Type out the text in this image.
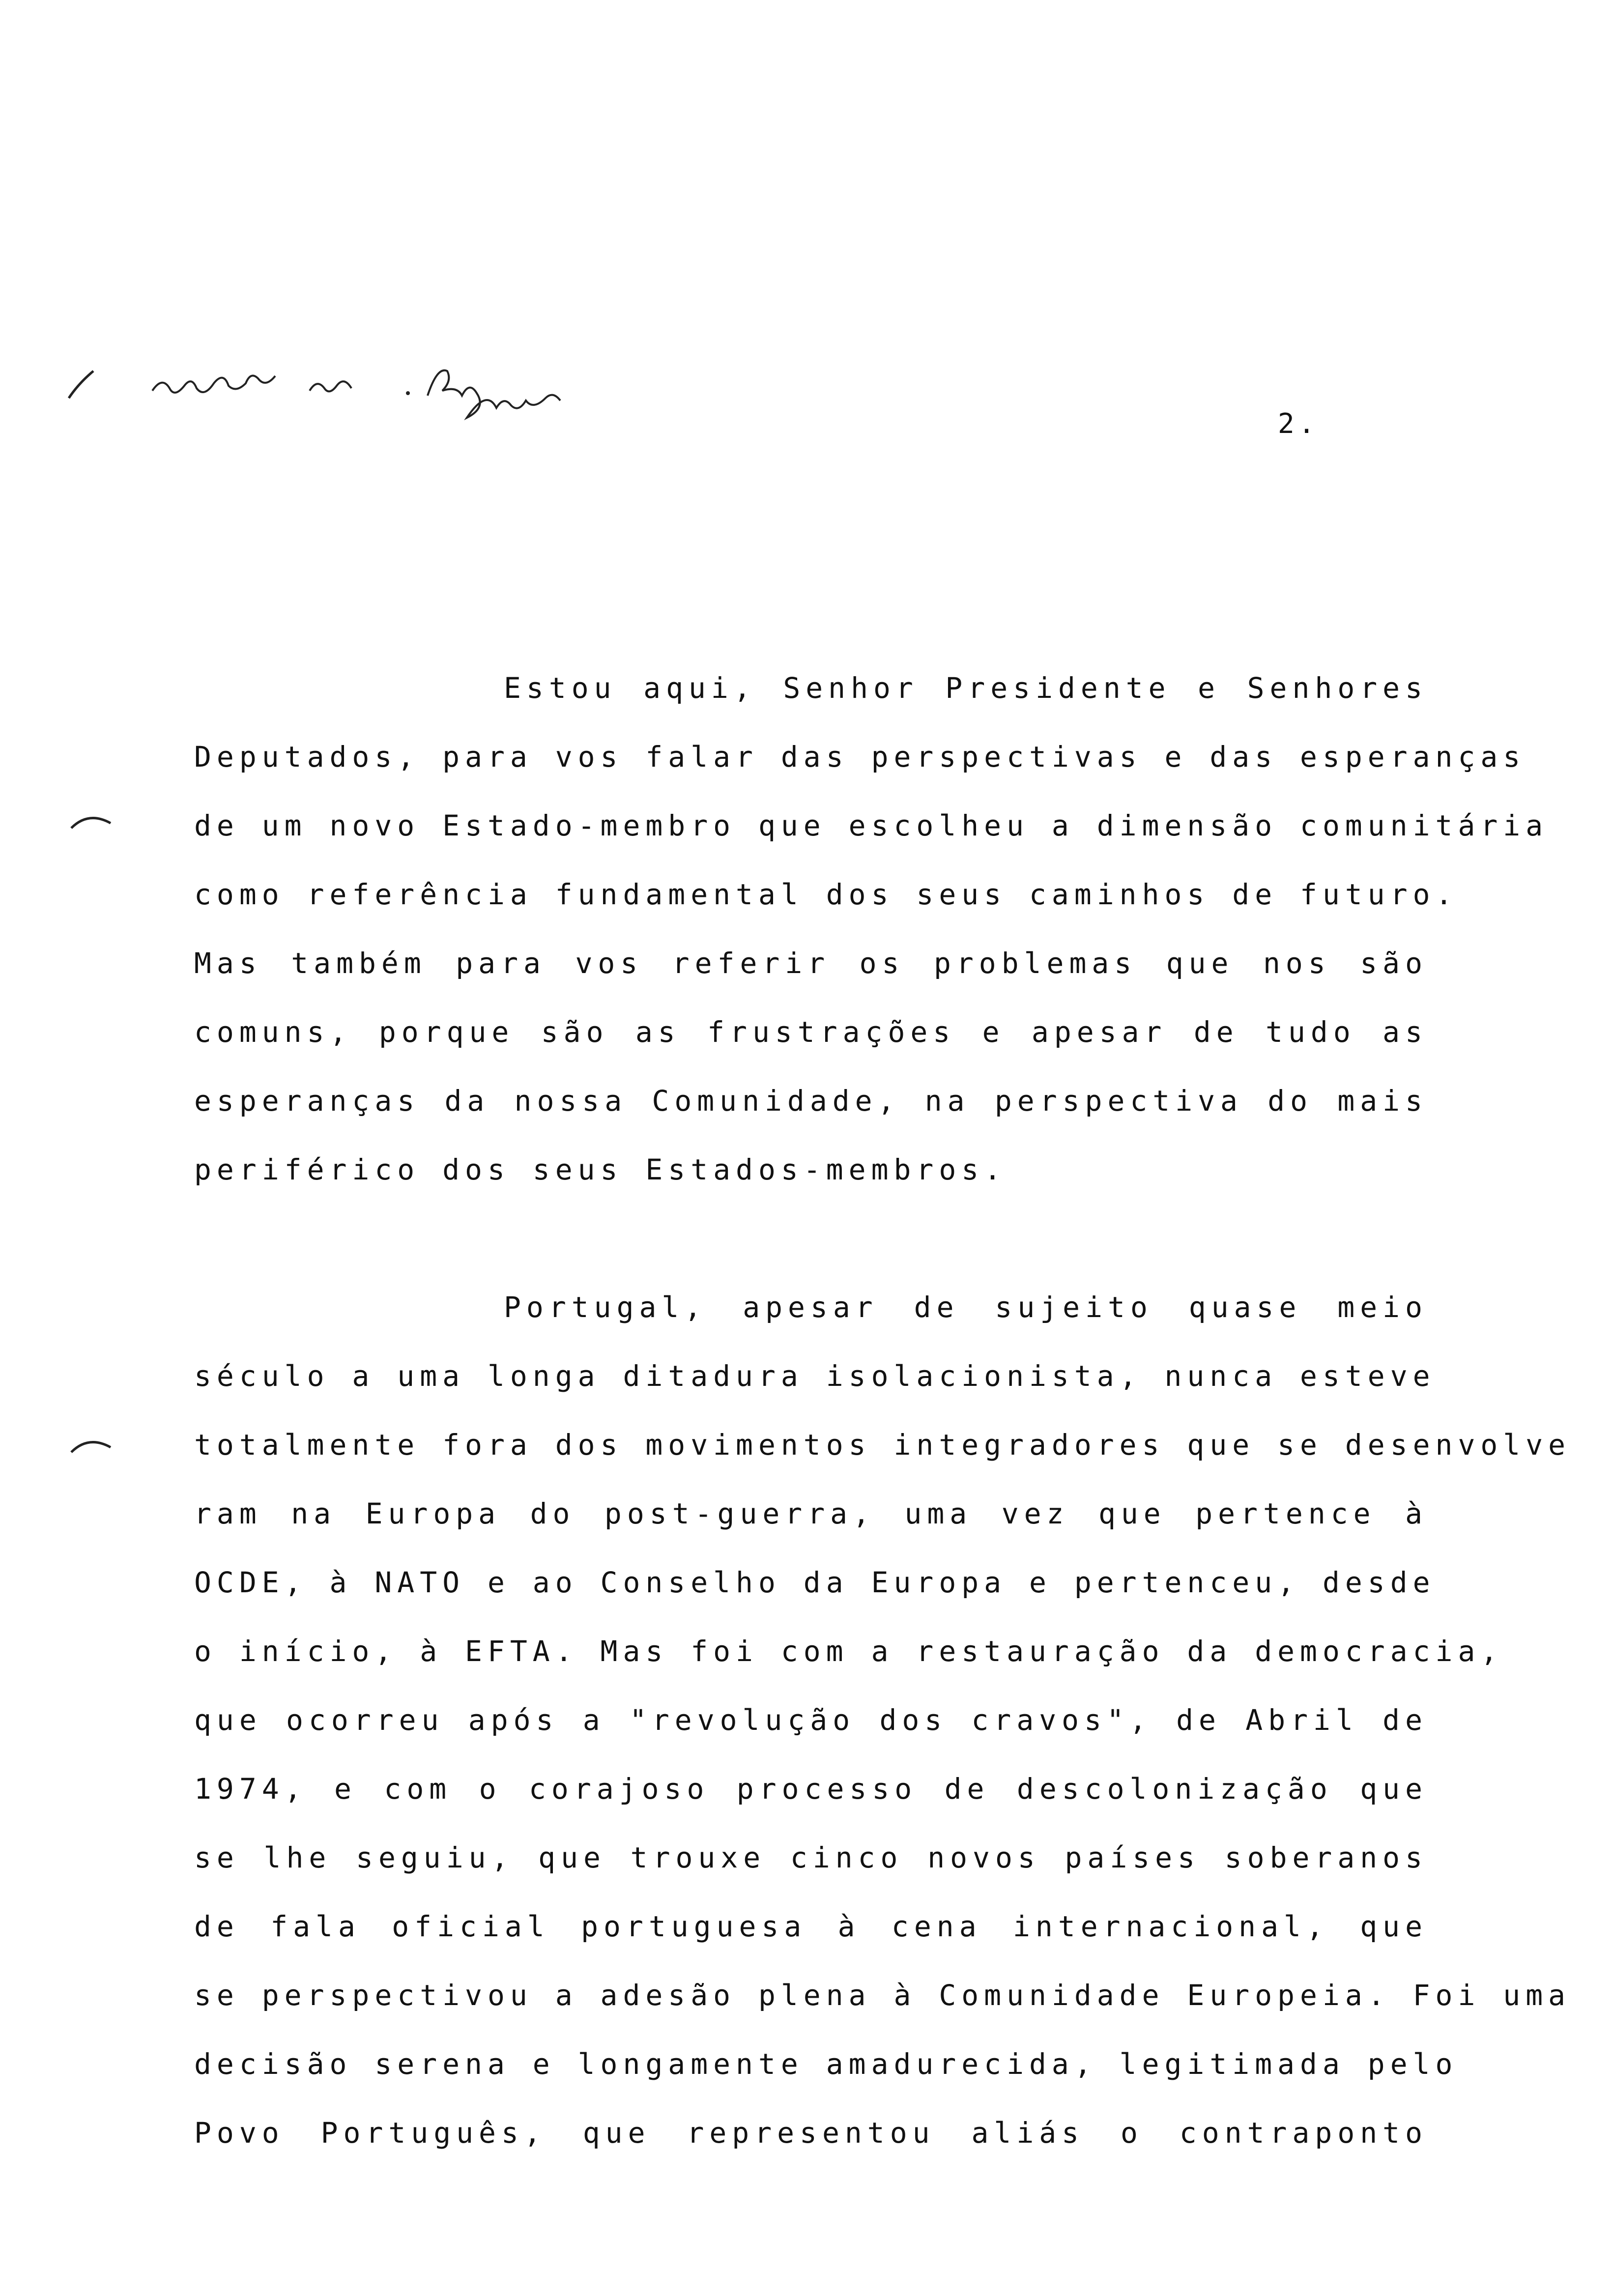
2.
Estou aqui, Senhor Presidente e Senhores
Deputados, para vos falar das perspectivas e das esperanças
de um novo Estado-membro que escolheu a dimensão comunitária
como referência fundamental dos seus caminhos de futuro.
Mas também para vos referir os problemas que nos são
comuns, porque são as frustrações e apesar de tudo as
esperanças da nossa Comunidade, na perspectiva do mais
periférico dos seus Estados-membros.
Portugal, apesar de sujeito quase meio
século a uma longa ditadura isolacionista, nunca esteve
totalmente fora dos movimentos integradores que se desenvolve
ram na Europa do post-guerra, uma vez que pertence à
OCDE, à NATO e ao Conselho da Europa e pertenceu, desde
o início, à EFTA. Mas foi com a restauração da democracia,
que ocorreu após a "revolução dos cravos", de Abril de
1974, e com o corajoso processo de descolonização que
se lhe seguiu, que trouxe cinco novos países soberanos
de fala oficial portuguesa à cena internacional, que
se perspectivou a adesão plena à Comunidade Europeia. Foi uma
decisão serena e longamente amadurecida, legitimada pelo
Povo Português, que representou aliás o contraponto
